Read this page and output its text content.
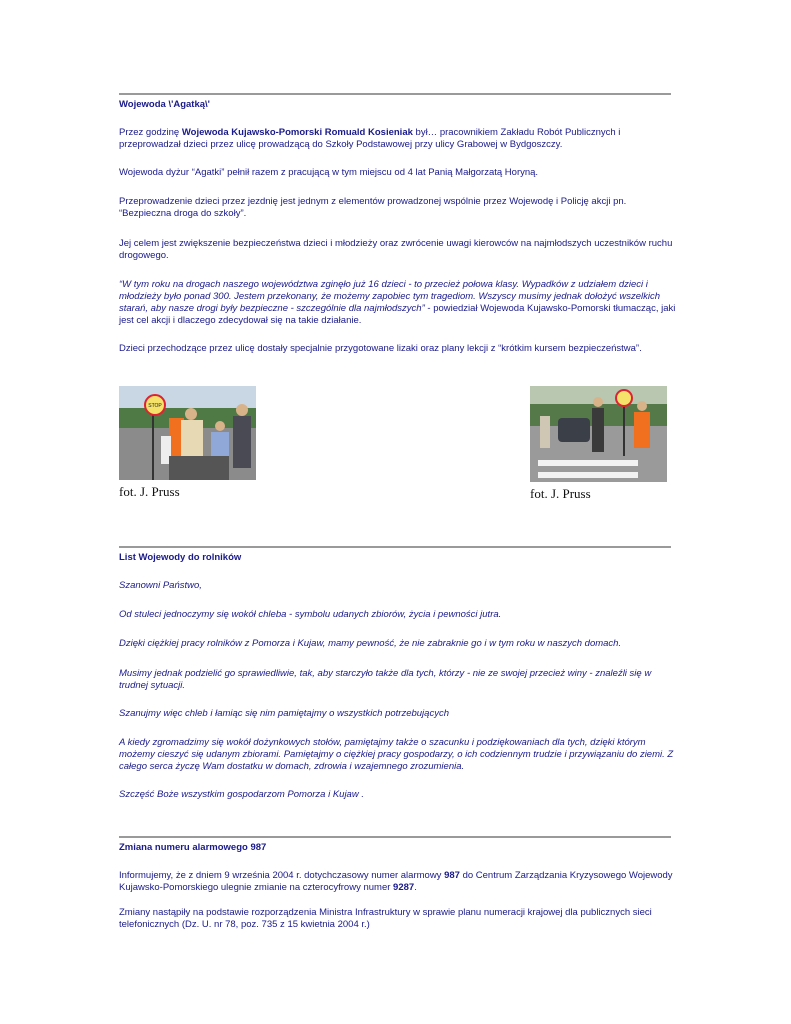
Wojewoda \'Agatką\'

Przez godzinę Wojewoda Kujawsko-Pomorski Romuald Kosieniak był… pracownikiem Zakładu Robót Publicznych i przeprowadzał dzieci przez ulicę prowadzącą do Szkoły Podstawowej przy ulicy Grabowej w Bydgoszczy.

Wojewoda dyżur “Agatki” pełnił razem z pracującą w tym miejscu od 4 lat Panią Małgorzatą Horyną.

Przeprowadzenie dzieci przez jezdnię jest jednym z elementów prowadzonej wspólnie przez Wojewodę i Policję akcji pn. “Bezpieczna droga do szkoły”.

Jej celem jest zwiększenie bezpieczeństwa dzieci i młodzieży oraz zwrócenie uwagi kierowców na najmłodszych uczestników ruchu drogowego.

“W tym roku na drogach naszego województwa zginęło już 16 dzieci - to przecież połowa klasy. Wypadków z udziałem dzieci i młodzieży było ponad 300. Jestem przekonany, że możemy zapobiec tym tragediom. Wszyscy musimy jednak dołożyć wszelkich starań, aby nasze drogi były bezpieczne - szczególnie dla najmłodszych” - powiedział Wojewoda Kujawsko-Pomorski tłumacząc, jaki jest cel akcji i dlaczego zdecydował się na takie działanie.

Dzieci przechodzące przez ulicę dostały specjalnie przygotowane lizaki oraz plany lekcji z “krótkim kursem bezpieczeństwa”.

STOP
fot. J. Pruss	fot. J. Pruss

List Wojewody do rolników

Szanowni Państwo,

Od stuleci jednoczymy się wokół chleba - symbolu udanych zbiorów, życia i pewności jutra.

Dzięki ciężkiej pracy rolników z Pomorza i Kujaw, mamy pewność, że nie zabraknie go i w tym roku w naszych domach.

Musimy jednak podzielić go sprawiedliwie, tak, aby starczyło także dla tych, którzy - nie ze swojej przecież winy - znaleźli się w trudnej sytuacji.

Szanujmy więc chleb i łamiąc się nim pamiętajmy o wszystkich potrzebujących

A kiedy zgromadzimy się wokół dożynkowych stołów, pamiętajmy także o szacunku i podziękowaniach dla tych, dzięki którym możemy cieszyć się udanym zbiorami. Pamiętajmy o ciężkiej pracy gospodarzy, o ich codziennym trudzie i przywiązaniu do ziemi. Z całego serca życzę Wam dostatku w domach, zdrowia i wzajemnego zrozumienia.

Szczęść Boże wszystkim gospodarzom Pomorza i Kujaw .

Zmiana numeru alarmowego 987

Informujemy, że z dniem 9 września 2004 r. dotychczasowy numer alarmowy 987 do Centrum Zarządzania Kryzysowego Wojewody Kujawsko-Pomorskiego ulegnie zmianie na czterocyfrowy numer 9287.

Zmiany nastąpiły na podstawie rozporządzenia Ministra Infrastruktury w sprawie planu numeracji krajowej dla publicznych sieci telefonicznych (Dz. U. nr 78, poz. 735 z 15 kwietnia 2004 r.)
